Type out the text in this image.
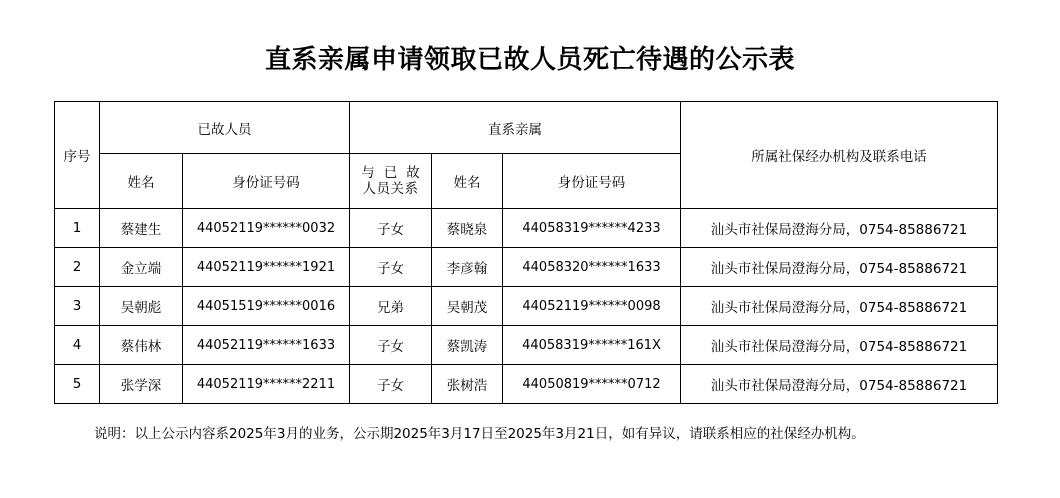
直系亲属申请领取已故人员死亡待遇的公示表
序号	已故人员		直系亲属			所属社保经办机构及联系电话
	姓名	身份证号码	与已故
人员关系	姓名	身份证号码	
1	蔡建生	44052119******0032	子女	蔡晓泉	44058319******4233	汕头市社保局澄海分局，0754-85886721
2	金立端	44052119******1921	子女	李彦翰	44058320******1633	汕头市社保局澄海分局，0754-85886721
3	吴朝彪	44051519******0016	兄弟	吴朝茂	44052119******0098	汕头市社保局澄海分局，0754-85886721
4	蔡伟林	44052119******1633	子女	蔡凯涛	44058319******161X	汕头市社保局澄海分局，0754-85886721
5	张学深	44052119******2211	子女	张树浩	44050819******0712	汕头市社保局澄海分局，0754-85886721
说明：以上公示内容系2025年3月的业务，公示期2025年3月17日至2025年3月21日，如有异议，请联系相应的社保经办机构。
